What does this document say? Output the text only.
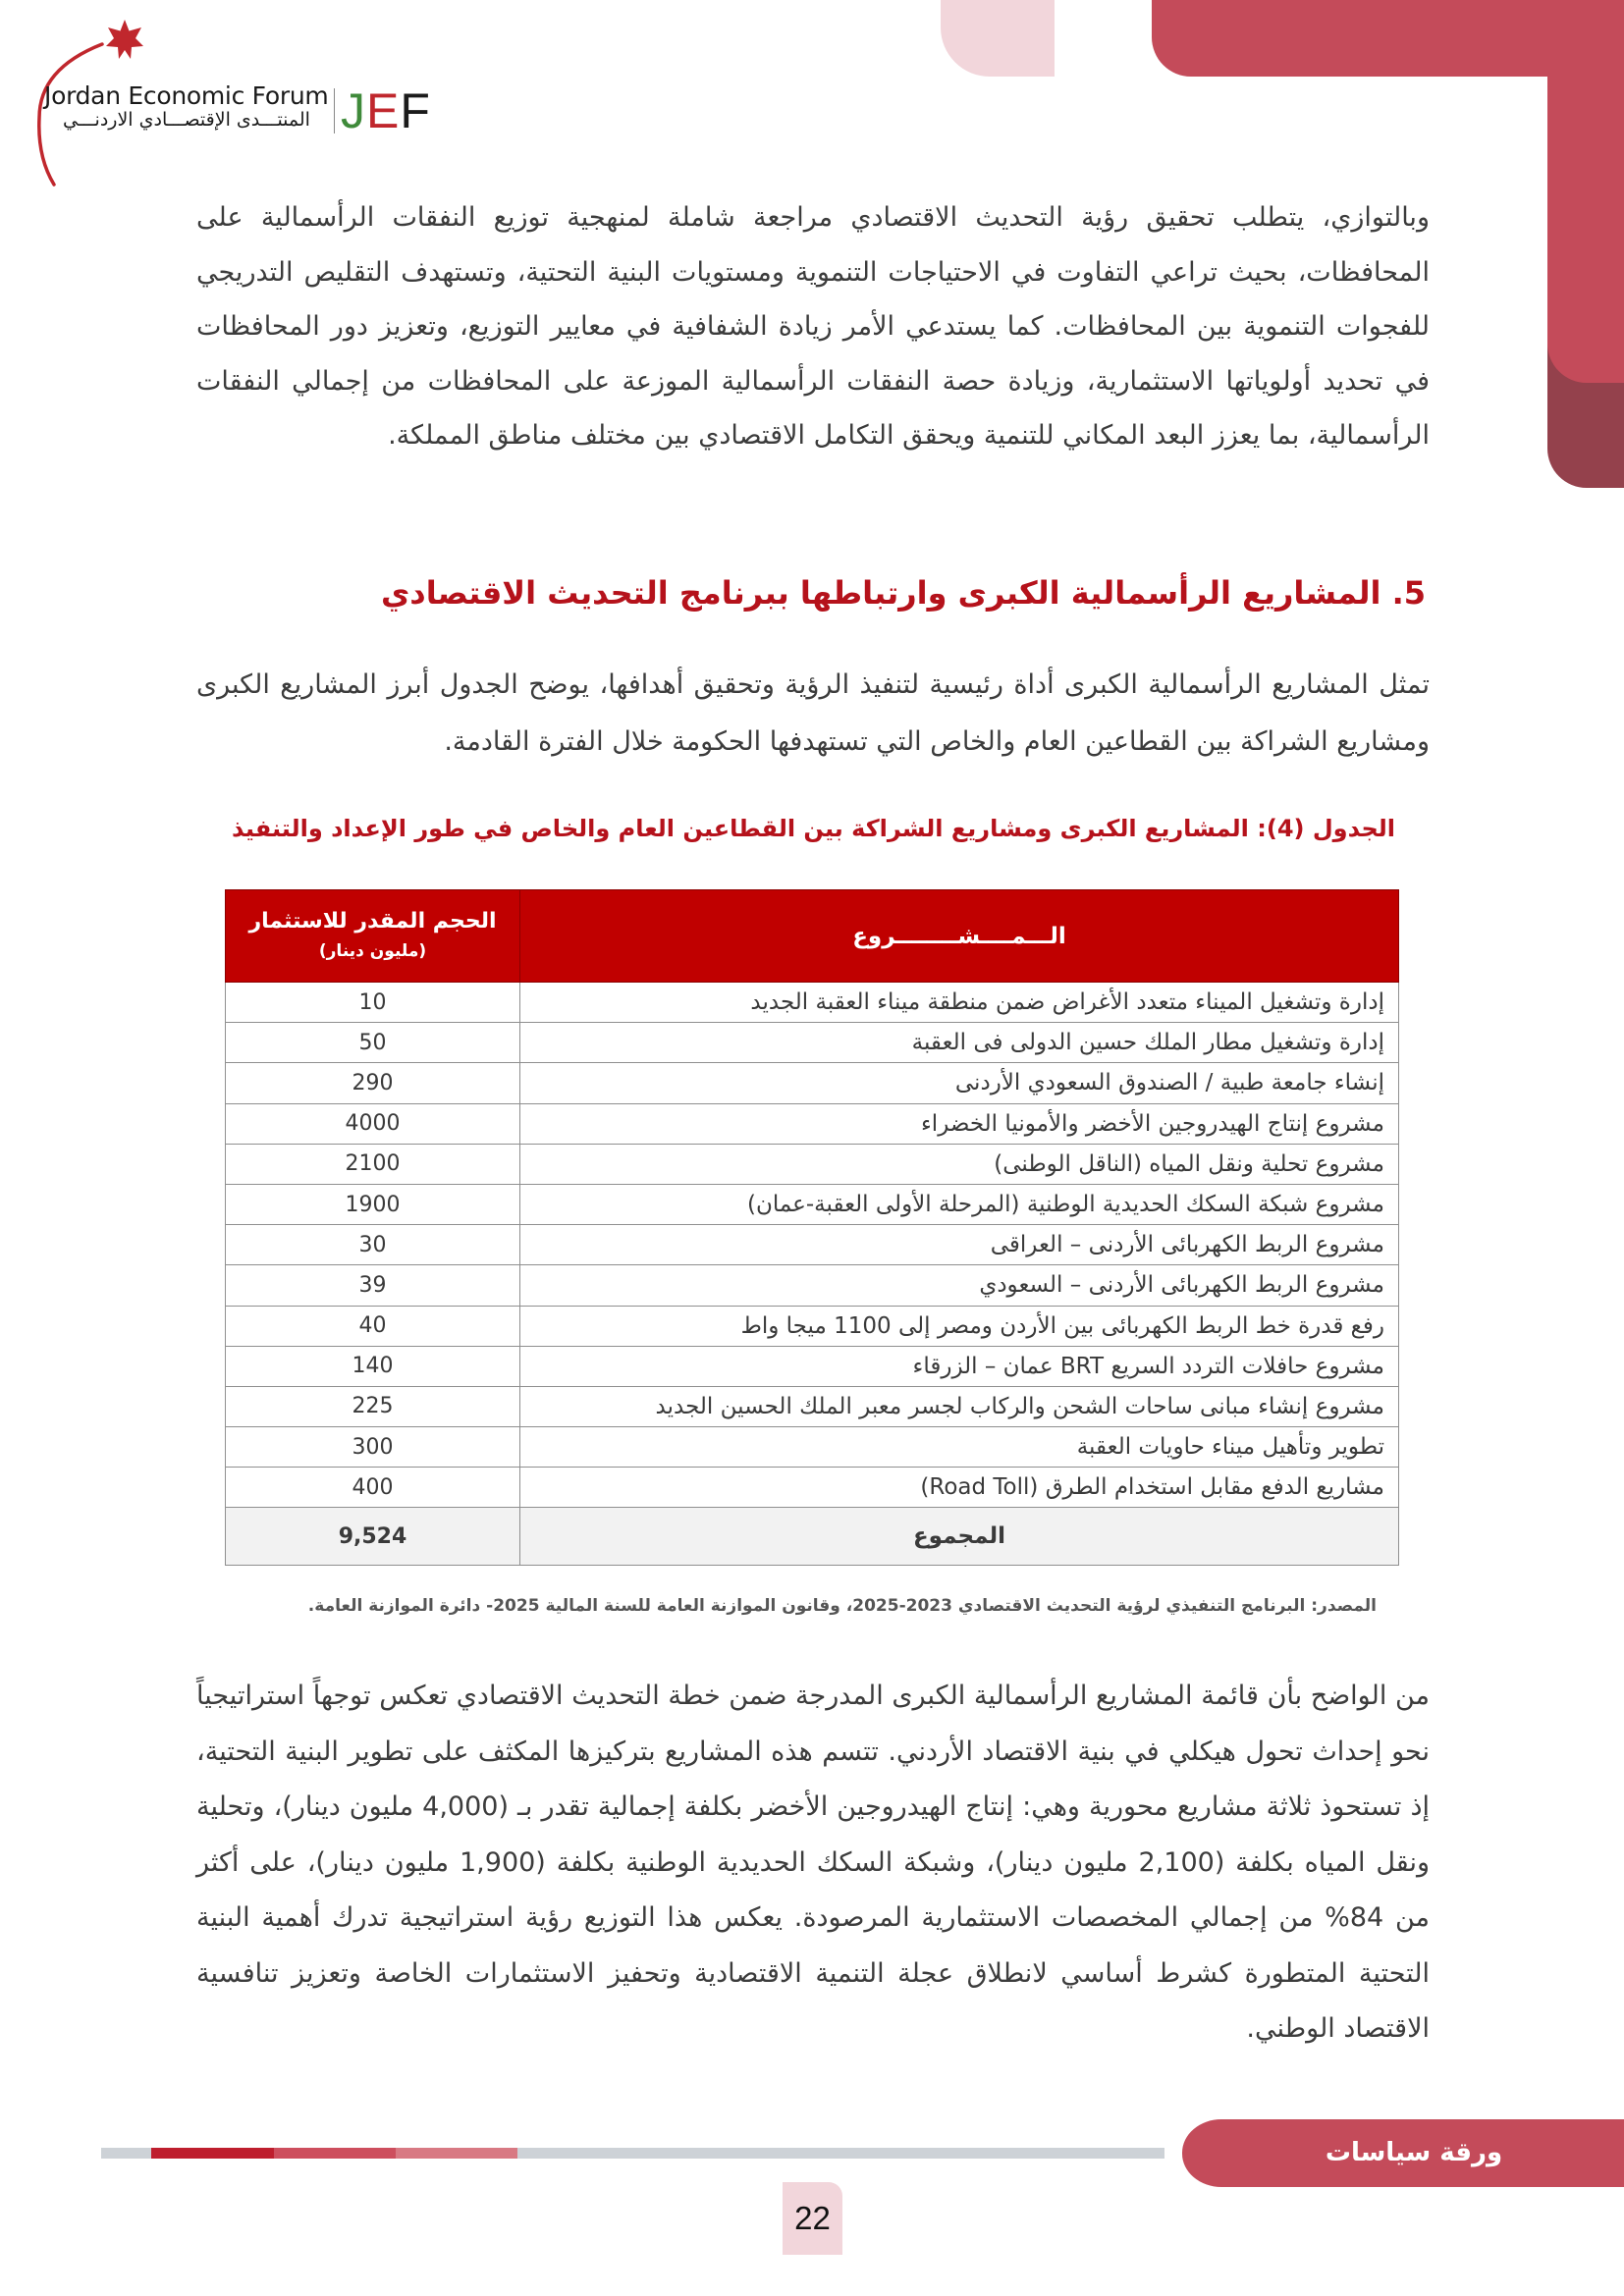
Jordan Economic Forum
المنتـــدى الإقتصـــادي الاردنـــي JEF

وبالتوازي، يتطلب تحقيق رؤية التحديث الاقتصادي مراجعة شاملة لمنهجية توزيع النفقات الرأسمالية على المحافظات، بحيث تراعي التفاوت في الاحتياجات التنموية ومستويات البنية التحتية، وتستهدف التقليص التدريجي للفجوات التنموية بين المحافظات. كما يستدعي الأمر زيادة الشفافية في معايير التوزيع، وتعزيز دور المحافظات في تحديد أولوياتها الاستثمارية، وزيادة حصة النفقات الرأسمالية الموزعة على المحافظات من إجمالي النفقات الرأسمالية، بما يعزز البعد المكاني للتنمية ويحقق التكامل الاقتصادي بين مختلف مناطق المملكة.

5. المشاريع الرأسمالية الكبرى وارتباطها ببرنامج التحديث الاقتصادي

تمثل المشاريع الرأسمالية الكبرى أداة رئيسية لتنفيذ الرؤية وتحقيق أهدافها، يوضح الجدول أبرز المشاريع الكبرى ومشاريع الشراكة بين القطاعين العام والخاص التي تستهدفها الحكومة خلال الفترة القادمة.

الجدول (4): المشاريع الكبرى ومشاريع الشراكة بين القطاعين العام والخاص في طور الإعداد والتنفيذ
الـــمــــشــــــــروع	الحجم المقدر للاستثمار
(مليون دينار)

إدارة وتشغيل الميناء متعدد الأغراض ضمن منطقة ميناء العقبة الجديد	10
إدارة وتشغيل مطار الملك حسين الدولى فى العقبة	50
إنشاء جامعة طبية / الصندوق السعودي الأردنى	290
مشروع إنتاج الهيدروجين الأخضر والأمونيا الخضراء	4000
مشروع تحلية ونقل المياه (الناقل الوطنى)	2100
مشروع شبكة السكك الحديدية الوطنية (المرحلة الأولى العقبة-عمان)	1900
مشروع الربط الكهربائى الأردنى – العراقى	30
مشروع الربط الكهربائى الأردنى – السعودي	39
رفع قدرة خط الربط الكهربائى بين الأردن ومصر إلى 1100 ميجا واط	40
مشروع حافلات التردد السريع BRT عمان – الزرقاء	140
مشروع إنشاء مبانى ساحات الشحن والركاب لجسر معبر الملك الحسين الجديد	225
تطوير وتأهيل ميناء حاويات العقبة	300
مشاريع الدفع مقابل استخدام الطرق (Road Toll)	400
المجموع	9,524
المصدر: البرنامج التنفيذي لرؤية التحديث الاقتصادي 2023-2025، وقانون الموازنة العامة للسنة المالية 2025- دائرة الموازنة العامة.

من الواضح بأن قائمة المشاريع الرأسمالية الكبرى المدرجة ضمن خطة التحديث الاقتصادي تعكس توجهاً استراتيجياً نحو إحداث تحول هيكلي في بنية الاقتصاد الأردني. تتسم هذه المشاريع بتركيزها المكثف على تطوير البنية التحتية، إذ تستحوذ ثلاثة مشاريع محورية وهي: إنتاج الهيدروجين الأخضر بكلفة إجمالية تقدر بـ (4,000 مليون دينار)، وتحلية ونقل المياه بكلفة (2,100 مليون دينار)، وشبكة السكك الحديدية الوطنية بكلفة (1,900 مليون دينار)، على أكثر من 84% من إجمالي المخصصات الاستثمارية المرصودة. يعكس هذا التوزيع رؤية استراتيجية تدرك أهمية البنية التحتية المتطورة كشرط أساسي لانطلاق عجلة التنمية الاقتصادية وتحفيز الاستثمارات الخاصة وتعزيز تنافسية الاقتصاد الوطني.

ورقة سياسات
22
